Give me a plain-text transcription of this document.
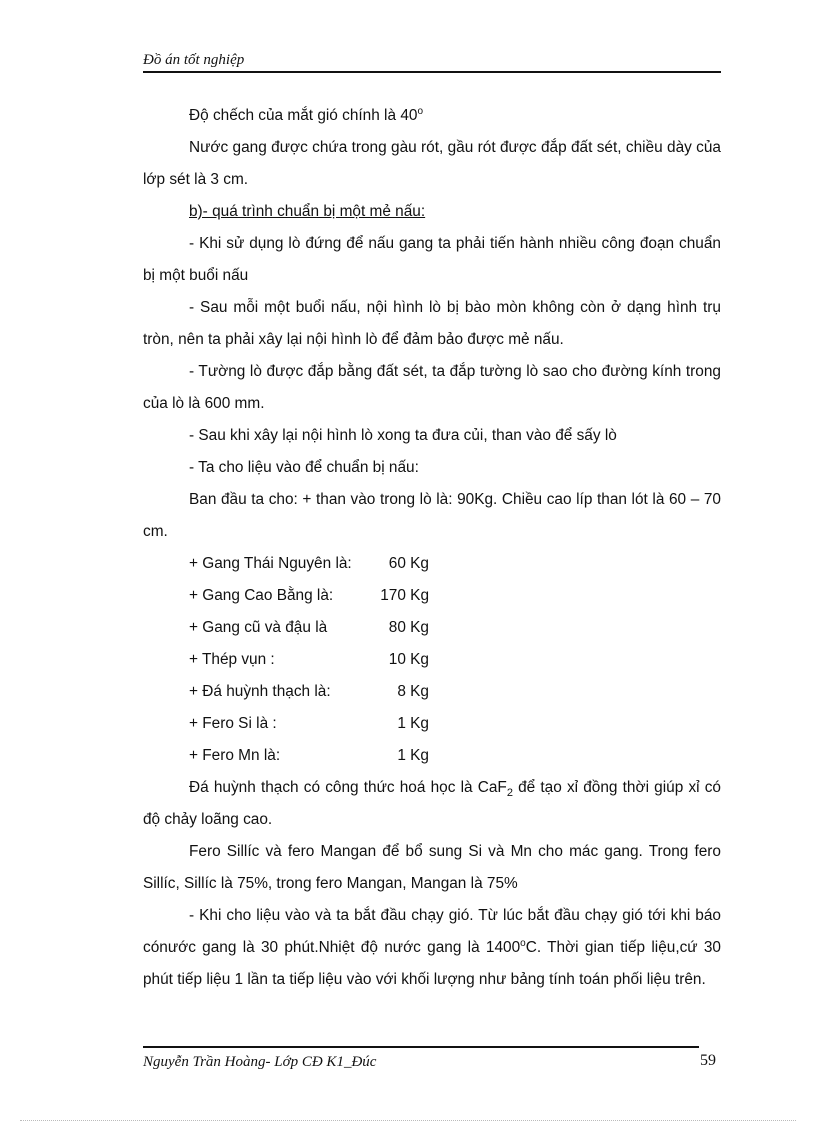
Đồ án tốt nghiệp

Độ chếch của mắt gió chính là 40$^o$

Nước gang được chứa trong gàu rót, gầu rót được đắp đất sét, chiều dày của lớp sét là 3 cm.

b)- quá trình chuẩn bị một mẻ nấu:

- Khi sử dụng lò đứng để nấu gang ta phải tiến hành nhiều công đoạn chuẩn bị một buổi nấu

- Sau mỗi một buổi nấu, nội hình lò bị bào mòn không còn ở dạng hình trụ tròn, nên ta phải xây lại nội hình lò để đảm bảo được mẻ nấu.

- Tường lò được đắp bằng đất sét, ta đắp tường lò sao cho đường kính trong của lò là 600 mm.

- Sau khi xây lại nội hình lò xong ta đưa củi, than vào để sấy lò

- Ta cho liệu vào để chuẩn bị nấu:

Ban đầu ta cho: + than vào trong lò là: 90Kg. Chiều cao líp than lót là 60 – 70 cm.

+ Gang Thái Nguyên là: 60 Kg
+ Gang Cao Bằng là:	170 Kg
+ Gang cũ và đậu là	80 Kg
+ Thép vụn :	10 Kg
+ Đá huỳnh thạch là:	8 Kg
+ Fero Si là :	1 Kg
+ Fero Mn là:	1 Kg

Đá huỳnh thạch có công thức hoá học là CaF$_2$ để tạo xỉ đồng thời giúp xỉ có độ chảy loãng cao.

Fero Sillíc và fero Mangan để bổ sung Si và Mn cho mác gang. Trong fero Sillíc, Sillíc là 75%, trong fero Mangan, Mangan là 75%

- Khi cho liệu vào và ta bắt đầu chạy gió. Từ lúc bắt đầu chạy gió tới khi báo cónước gang là 30 phút.Nhiệt độ nước gang là 1400$^o$C. Thời gian tiếp liệu,cứ 30 phút tiếp liệu 1 lần ta tiếp liệu vào với khối lượng như bảng tính toán phối liệu trên.

Nguyễn Trần Hoàng- Lớp CĐ K1_Đúc	59
